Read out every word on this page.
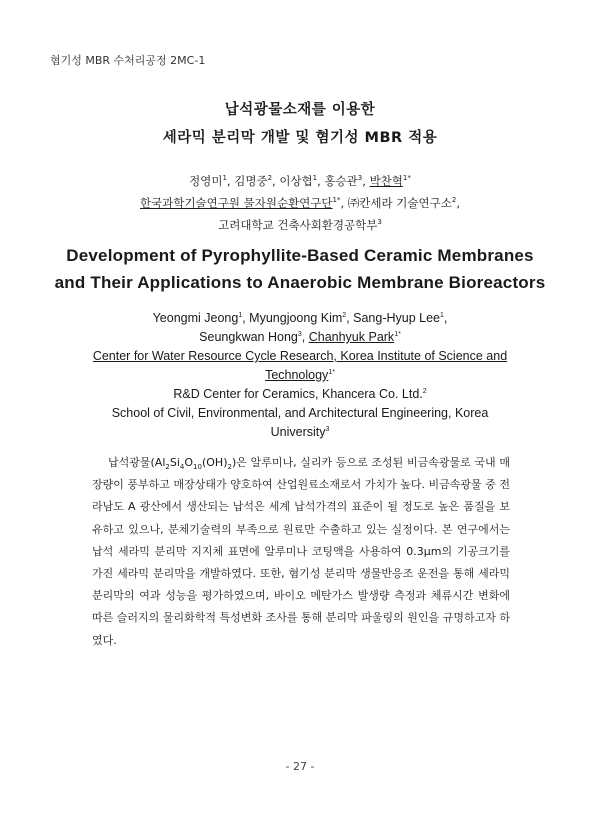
혐기성 MBR 수처리공정 2MC-1
납석광물소재를 이용한
세라믹 분리막 개발 및 혐기성 MBR 적용
정영미$^1$, 김명중$^2$, 이상협$^1$, 홍승관$^3$, 박찬혁$^{1*}$
한국과학기술연구원 물자원순환연구단$^{1*}$, ㈜칸세라 기술연구소$^2$,
고려대학교 건축사회환경공학부$^3$
Development of Pyrophyllite-Based Ceramic Membranes
and Their Applications to Anaerobic Membrane Bioreactors
Yeongmi Jeong$^1$, Myungjoong Kim$^2$, Sang-Hyup Lee$^1$,
Seungkwan Hong$^3$, Chanhyuk Park$^{1*}$
Center for Water Resource Cycle Research, Korea Institute of Science and
Technology$^{1*}$
R&D Center for Ceramics, Khancera Co. Ltd.$^2$
School of Civil, Environmental, and Architectural Engineering, Korea
University$^3$
납석광물$(Al_2Si_4O_{10}(OH)_2)$은 알루미나, 실리카 등으로 조성된 비금속광물로 국내 매장량이 풍부하고 매장상태가 양호하여 산업원료소재로서 가치가 높다. 비금속광물 중 전라남도 A 광산에서 생산되는 납석은 세계 납석가격의 표준이 될 정도로 높은 품질을 보유하고 있으나, 분체기술력의 부족으로 원료만 수출하고 있는 실정이다. 본 연구에서는 납석 세라믹 분리막 지지체 표면에 알루미나 코팅액을 사용하여 0.3μm의 기공크기를 가진 세라믹 분리막을 개발하였다. 또한, 혐기성 분리막 생물반응조 운전을 통해 세라믹 분리막의 여과 성능을 평가하였으며, 바이오 메탄가스 발생량 측정과 체류시간 변화에 따른 슬러지의 물리화학적 특성변화 조사를 통해 분리막 파울링의 원인을 규명하고자 하였다.
- 27 -
